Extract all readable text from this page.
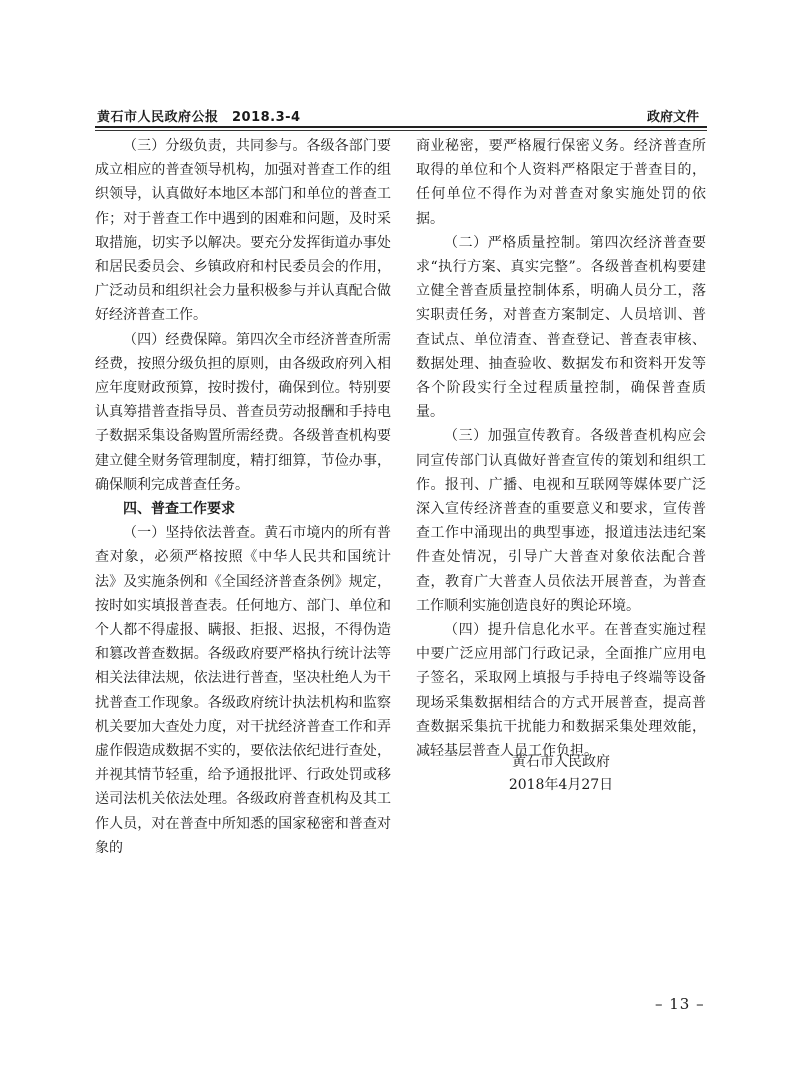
黄石市人民政府公报　2018.3-4	政府文件

（三）分级负责，共同参与。各级各部门要成立相应的普查领导机构，加强对普查工作的组织领导，认真做好本地区本部门和单位的普查工作；对于普查工作中遇到的困难和问题，及时采取措施，切实予以解决。要充分发挥街道办事处和居民委员会、乡镇政府和村民委员会的作用，广泛动员和组织社会力量积极参与并认真配合做好经济普查工作。

（四）经费保障。第四次全市经济普查所需经费，按照分级负担的原则，由各级政府列入相应年度财政预算，按时拨付，确保到位。特别要认真筹措普查指导员、普查员劳动报酬和手持电子数据采集设备购置所需经费。各级普查机构要建立健全财务管理制度，精打细算，节俭办事，确保顺利完成普查任务。

四、普查工作要求

（一）坚持依法普查。黄石市境内的所有普查对象，必须严格按照《中华人民共和国统计法》及实施条例和《全国经济普查条例》规定，按时如实填报普查表。任何地方、部门、单位和个人都不得虚报、瞒报、拒报、迟报，不得伪造和篡改普查数据。各级政府要严格执行统计法等相关法律法规，依法进行普查，坚决杜绝人为干扰普查工作现象。各级政府统计执法机构和监察机关要加大查处力度，对干扰经济普查工作和弄虚作假造成数据不实的，要依法依纪进行查处，并视其情节轻重，给予通报批评、行政处罚或移送司法机关依法处理。各级政府普查机构及其工作人员，对在普查中所知悉的国家秘密和普查对象的

商业秘密，要严格履行保密义务。经济普查所取得的单位和个人资料严格限定于普查目的，任何单位不得作为对普查对象实施处罚的依据。

（二）严格质量控制。第四次经济普查要求“执行方案、真实完整”。各级普查机构要建立健全普查质量控制体系，明确人员分工，落实职责任务，对普查方案制定、人员培训、普查试点、单位清查、普查登记、普查表审核、数据处理、抽查验收、数据发布和资料开发等各个阶段实行全过程质量控制，确保普查质量。

（三）加强宣传教育。各级普查机构应会同宣传部门认真做好普查宣传的策划和组织工作。报刊、广播、电视和互联网等媒体要广泛深入宣传经济普查的重要意义和要求，宣传普查工作中涌现出的典型事迹，报道违法违纪案件查处情况，引导广大普查对象依法配合普查，教育广大普查人员依法开展普查，为普查工作顺利实施创造良好的舆论环境。

（四）提升信息化水平。在普查实施过程中要广泛应用部门行政记录，全面推广应用电子签名，采取网上填报与手持电子终端等设备现场采集数据相结合的方式开展普查，提高普查数据采集抗干扰能力和数据采集处理效能，减轻基层普查人员工作负担。

黄石市人民政府
2018年4月27日
– 13 –
